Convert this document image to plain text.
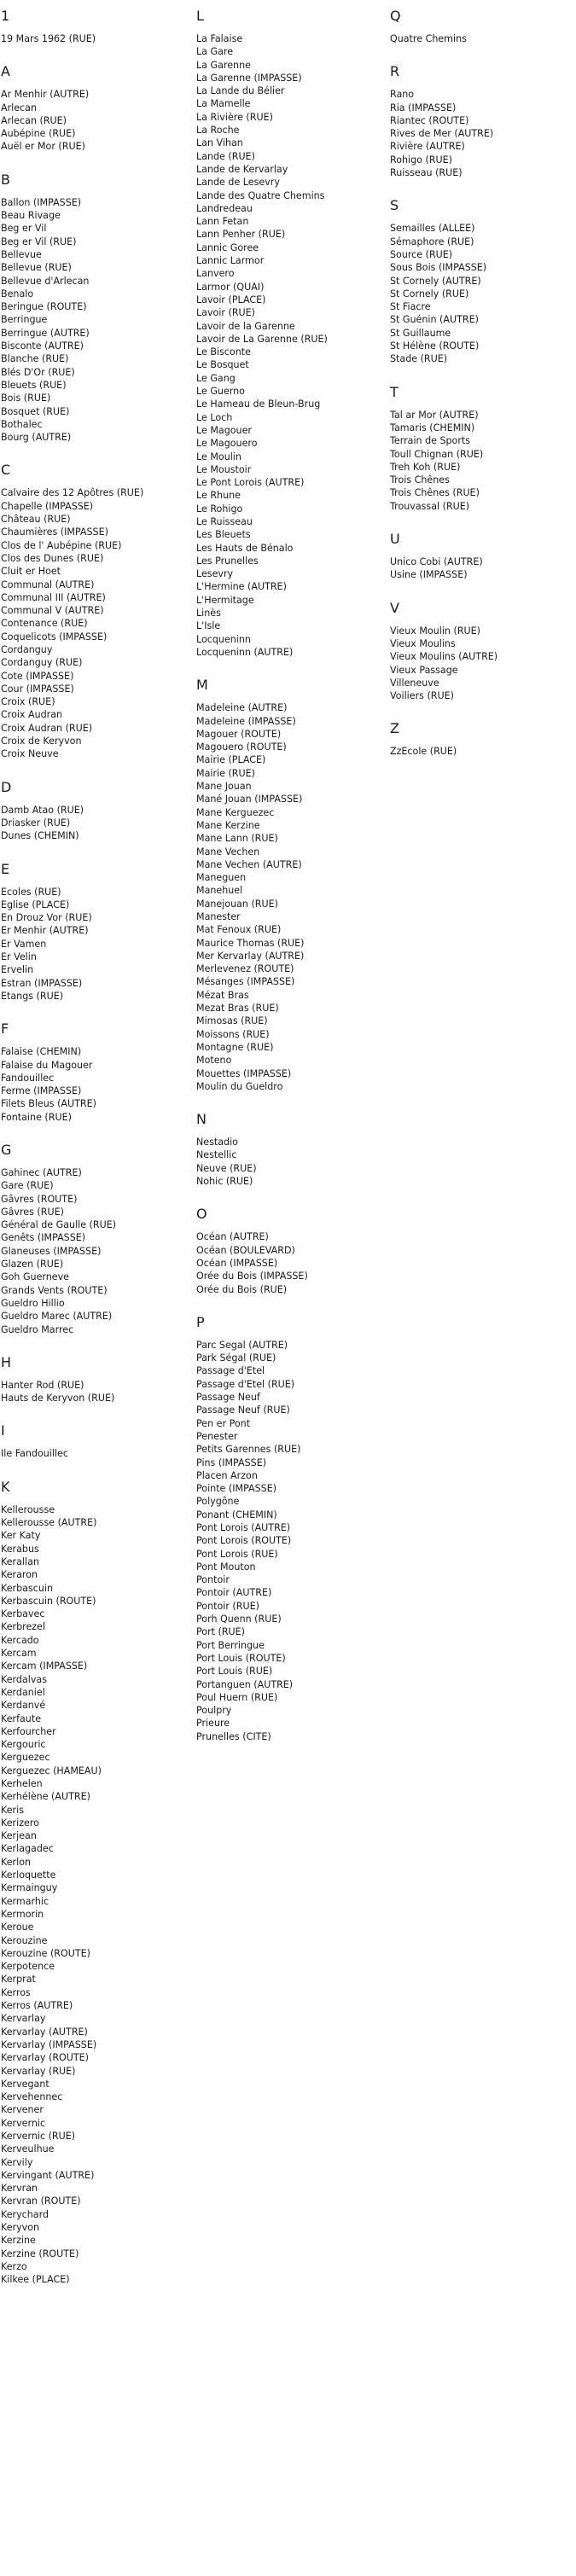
1
19 Mars 1962 (RUE)
A
Ar Menhir (AUTRE)
Arlecan
Arlecan (RUE)
Aubépine (RUE)
Auël er Mor (RUE)
B
Ballon (IMPASSE)
Beau Rivage
Beg er Vil
Beg er Vil (RUE)
Bellevue
Bellevue (RUE)
Bellevue d'Arlecan
Benalo
Beringue (ROUTE)
Berringue
Berringue (AUTRE)
Bisconte (AUTRE)
Blanche (RUE)
Blés D'Or (RUE)
Bleuets (RUE)
Bois (RUE)
Bosquet (RUE)
Bothalec
Bourg (AUTRE)
C
Calvaire des 12 Apôtres (RUE)
Chapelle (IMPASSE)
Château (RUE)
Chaumières (IMPASSE)
Clos de l' Aubépine (RUE)
Clos des Dunes (RUE)
Cluit er Hoet
Communal (AUTRE)
Communal III (AUTRE)
Communal V (AUTRE)
Contenance (RUE)
Coquelicots (IMPASSE)
Cordanguy
Cordanguy (RUE)
Cote (IMPASSE)
Cour (IMPASSE)
Croix (RUE)
Croix Audran
Croix Audran (RUE)
Croix de Keryvon
Croix Neuve
D
Damb Atao (RUE)
Driasker (RUE)
Dunes (CHEMIN)
E
Ecoles (RUE)
Eglise (PLACE)
En Drouz Vor (RUE)
Er Menhir (AUTRE)
Er Vamen
Er Velin
Ervelin
Estran (IMPASSE)
Etangs (RUE)
F
Falaise (CHEMIN)
Falaise du Magouer
Fandouillec
Ferme (IMPASSE)
Filets Bleus (AUTRE)
Fontaine (RUE)
G
Gahinec (AUTRE)
Gare (RUE)
Gâvres (ROUTE)
Gâvres (RUE)
Général de Gaulle (RUE)
Genêts (IMPASSE)
Glaneuses (IMPASSE)
Glazen (RUE)
Goh Guerneve
Grands Vents (ROUTE)
Gueldro Hillio
Gueldro Marec (AUTRE)
Gueldro Marrec
H
Hanter Rod (RUE)
Hauts de Keryvon (RUE)
I
Ile Fandouillec
K
Kellerousse
Kellerousse (AUTRE)
Ker Katy
Kerabus
Kerallan
Keraron
Kerbascuin
Kerbascuin (ROUTE)
Kerbavec
Kerbrezel
Kercado
Kercam
Kercam (IMPASSE)
Kerdalvas
Kerdaniel
Kerdanvé
Kerfaute
Kerfourcher
Kergouric
Kerguezec
Kerguezec (HAMEAU)
Kerhelen
Kerhélène (AUTRE)
Keris
Kerizero
Kerjean
Kerlagadec
Kerlon
Kerloquette
Kermainguy
Kermarhic
Kermorin
Keroue
Kerouzine
Kerouzine (ROUTE)
Kerpotence
Kerprat
Kerros
Kerros (AUTRE)
Kervarlay
Kervarlay (AUTRE)
Kervarlay (IMPASSE)
Kervarlay (ROUTE)
Kervarlay (RUE)
Kervegant
Kervehennec
Kervener
Kervernic
Kervernic (RUE)
Kerveulhue
Kervily
Kervingant (AUTRE)
Kervran
Kervran (ROUTE)
Kerychard
Keryvon
Kerzine
Kerzine (ROUTE)
Kerzo
Kilkee (PLACE)
L
La Falaise
La Gare
La Garenne
La Garenne (IMPASSE)
La Lande du Bélier
La Mamelle
La Rivière (RUE)
La Roche
Lan Vihan
Lande (RUE)
Lande de Kervarlay
Lande de Lesevry
Lande des Quatre Chemins
Landredeau
Lann Fetan
Lann Penher (RUE)
Lannic Goree
Lannic Larmor
Lanvero
Larmor (QUAI)
Lavoir (PLACE)
Lavoir (RUE)
Lavoir de la Garenne
Lavoir de La Garenne (RUE)
Le Bisconte
Le Bosquet
Le Gang
Le Guerno
Le Hameau de Bleun-Brug
Le Loch
Le Magouer
Le Magouero
Le Moulin
Le Moustoir
Le Pont Lorois (AUTRE)
Le Rhune
Le Rohigo
Le Ruisseau
Les Bleuets
Les Hauts de Bénalo
Les Prunelles
Lesevry
L'Hermine (AUTRE)
L'Hermitage
Linès
L'Isle
Locqueninn
Locqueninn (AUTRE)
M
Madeleine (AUTRE)
Madeleine (IMPASSE)
Magouer (ROUTE)
Magouero (ROUTE)
Mairie (PLACE)
Mairie (RUE)
Mane Jouan
Mané Jouan (IMPASSE)
Mane Kerguezec
Mane Kerzine
Mane Lann (RUE)
Mane Vechen
Mane Vechen (AUTRE)
Maneguen
Manehuel
Manejouan (RUE)
Manester
Mat Fenoux (RUE)
Maurice Thomas (RUE)
Mer Kervarlay (AUTRE)
Merlevenez (ROUTE)
Mésanges (IMPASSE)
Mézat Bras
Mezat Bras (RUE)
Mimosas (RUE)
Moissons (RUE)
Montagne (RUE)
Moteno
Mouettes (IMPASSE)
Moulin du Gueldro
N
Nestadio
Nestellic
Neuve (RUE)
Nohic (RUE)
O
Océan (AUTRE)
Océan (BOULEVARD)
Océan (IMPASSE)
Orée du Bois (IMPASSE)
Orée du Bois (RUE)
P
Parc Segal (AUTRE)
Park Ségal (RUE)
Passage d'Etel
Passage d'Etel (RUE)
Passage Neuf
Passage Neuf (RUE)
Pen er Pont
Penester
Petits Garennes (RUE)
Pins (IMPASSE)
Placen Arzon
Pointe (IMPASSE)
Polygône
Ponant (CHEMIN)
Pont Lorois (AUTRE)
Pont Lorois (ROUTE)
Pont Lorois (RUE)
Pont Mouton
Pontoir
Pontoir (AUTRE)
Pontoir (RUE)
Porh Quenn (RUE)
Port (RUE)
Port Berringue
Port Louis (ROUTE)
Port Louis (RUE)
Portanguen (AUTRE)
Poul Huern (RUE)
Poulpry
Prieure
Prunelles (CITE)
Q
Quatre Chemins
R
Rano
Ria (IMPASSE)
Riantec (ROUTE)
Rives de Mer (AUTRE)
Rivière (AUTRE)
Rohigo (RUE)
Ruisseau (RUE)
S
Semailles (ALLEE)
Sémaphore (RUE)
Source (RUE)
Sous Bois (IMPASSE)
St Cornely (AUTRE)
St Cornely (RUE)
St Fiacre
St Guénin (AUTRE)
St Guillaume
St Hélène (ROUTE)
Stade (RUE)
T
Tal ar Mor (AUTRE)
Tamaris (CHEMIN)
Terrain de Sports
Toull Chignan (RUE)
Treh Koh (RUE)
Trois Chênes
Trois Chênes (RUE)
Trouvassal (RUE)
U
Unico Cobi (AUTRE)
Usine (IMPASSE)
V
Vieux Moulin (RUE)
Vieux Moulins
Vieux Moulins (AUTRE)
Vieux Passage
Villeneuve
Voiliers (RUE)
Z
ZzEcole (RUE)
